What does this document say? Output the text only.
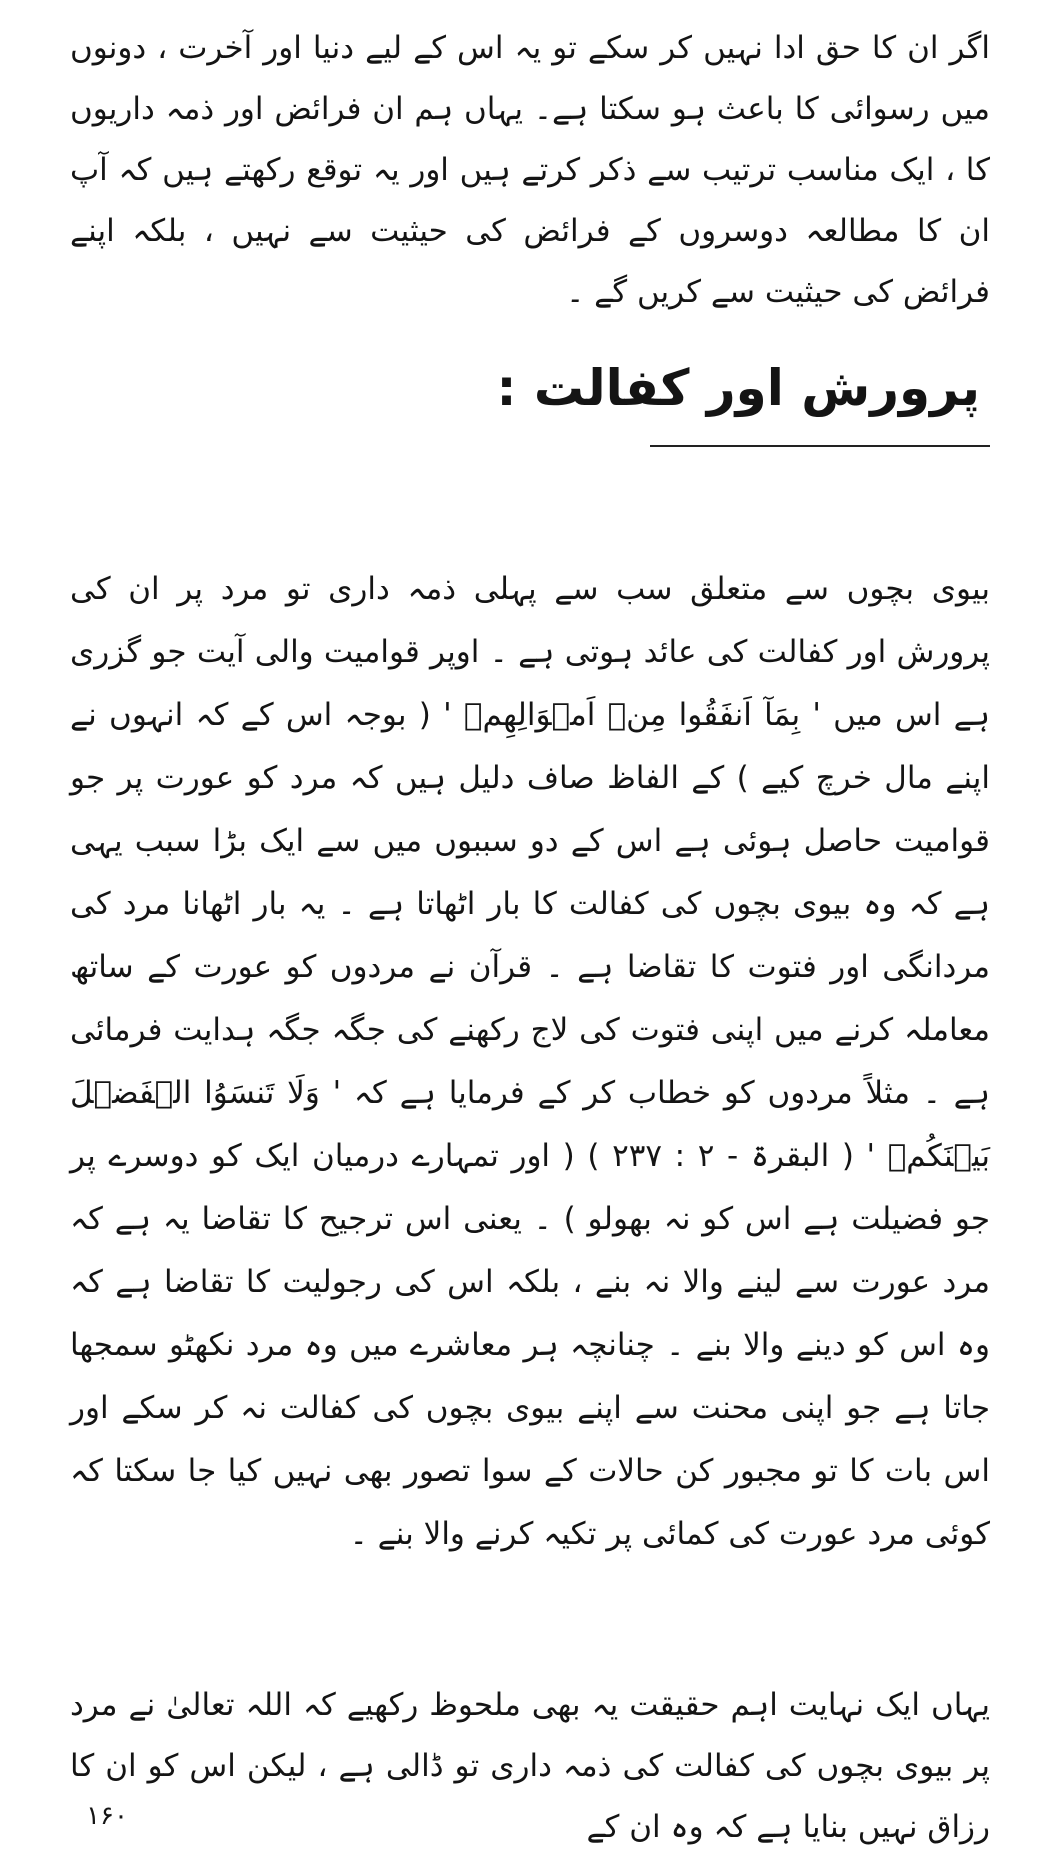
اگر ان کا حق ادا نہیں کر سکے تو یہ اس کے لیے دنیا اور آخرت ، دونوں میں رسوائی کا باعث ہو سکتا ہے۔ یہاں ہم ان فرائض اور ذمہ داریوں کا ، ایک مناسب ترتیب سے ذکر کرتے ہیں اور یہ توقع رکھتے ہیں کہ آپ ان کا مطالعہ دوسروں کے فرائض کی حیثیت سے نہیں ، بلکہ اپنے فرائض کی حیثیت سے کریں گے ۔

پرورش اور کفالت :

بیوی بچوں سے متعلق سب سے پہلی ذمہ داری تو مرد پر ان کی پرورش اور کفالت کی عائد ہوتی ہے ۔ اوپر قوامیت والی آیت جو گزری ہے اس میں ' بِمَآ اَنفَقُوا مِنۡ اَمۡوَالِهِمۡ ' ( بوجہ اس کے کہ انہوں نے اپنے مال خرچ کیے ) کے الفاظ صاف دلیل ہیں کہ مرد کو عورت پر جو قوامیت حاصل ہوئی ہے اس کے دو سببوں میں سے ایک بڑا سبب یہی ہے کہ وہ بیوی بچوں کی کفالت کا بار اٹھاتا ہے ۔ یہ بار اٹھانا مرد کی مردانگی اور فتوت کا تقاضا ہے ۔ قرآن نے مردوں کو عورت کے ساتھ معاملہ کرنے میں اپنی فتوت کی لاج رکھنے کی جگہ جگہ ہدایت فرمائی ہے ۔ مثلاً مردوں کو خطاب کر کے فرمایا ہے کہ ' وَلَا تَنسَوُا الۡفَضۡلَ بَيۡنَكُمۡ ' ( البقرۃ - ۲ : ۲۳۷ ) ( اور تمہارے درمیان ایک کو دوسرے پر جو فضیلت ہے اس کو نہ بھولو ) ۔ یعنی اس ترجیح کا تقاضا یہ ہے کہ مرد عورت سے لینے والا نہ بنے ، بلکہ اس کی رجولیت کا تقاضا ہے کہ وہ اس کو دینے والا بنے ۔ چنانچہ ہر معاشرے میں وہ مرد نکھٹو سمجھا جاتا ہے جو اپنی محنت سے اپنے بیوی بچوں کی کفالت نہ کر سکے اور اس بات کا تو مجبور کن حالات کے سوا تصور بھی نہیں کیا جا سکتا کہ کوئی مرد عورت کی کمائی پر تکیہ کرنے والا بنے ۔

یہاں ایک نہایت اہم حقیقت یہ بھی ملحوظ رکھیے کہ اللہ تعالیٰ نے مرد پر بیوی بچوں کی کفالت کی ذمہ داری تو ڈالی ہے ، لیکن اس کو ان کا رزاق نہیں بنایا ہے کہ وہ ان کے

۱۶۰
